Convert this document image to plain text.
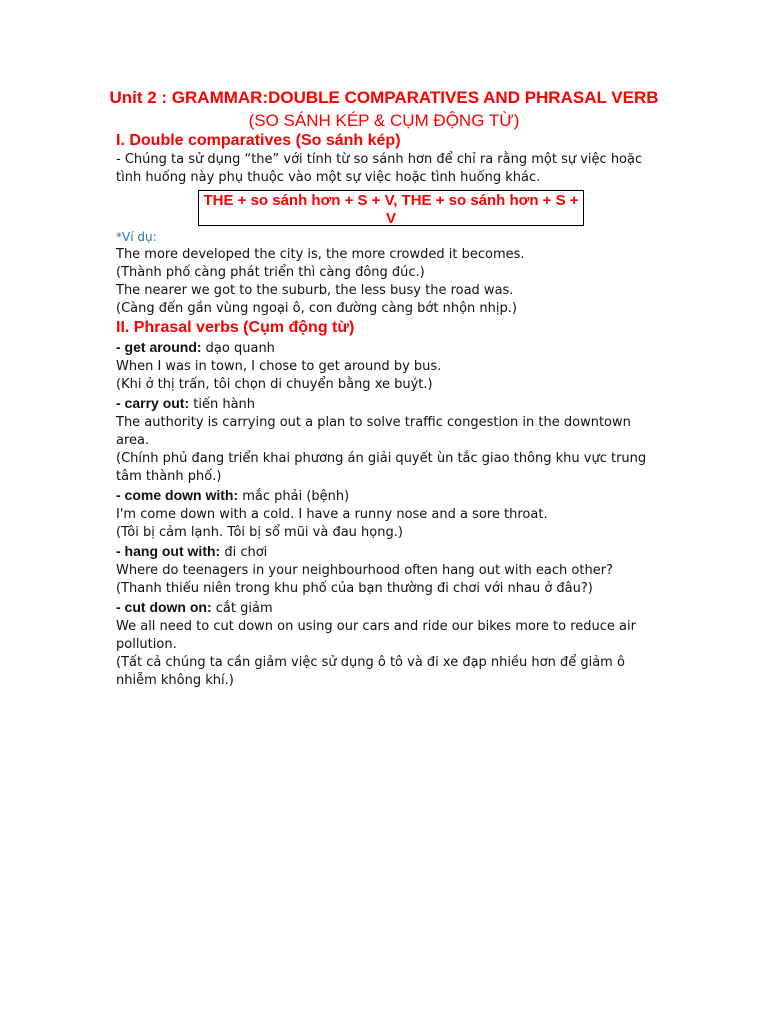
Unit 2 : GRAMMAR:DOUBLE COMPARATIVES AND PHRASAL VERB
(SO SÁNH KÉP & CỤM ĐỘNG TỪ)
I. Double comparatives (So sánh kép)

- Chúng ta sử dụng “the” với tính từ so sánh hơn để chỉ ra rằng một sự việc hoặc tình huống này phụ thuộc vào một sự việc hoặc tình huống khác.

THE + so sánh hơn + S + V, THE + so sánh hơn + S + V
*Ví dụ:

The more developed the city is, the more crowded it becomes.

(Thành phố càng phát triển thì càng đông đúc.)

The nearer we got to the suburb, the less busy the road was.

(Càng đến gần vùng ngoại ô, con đường càng bớt nhộn nhịp.)

II. Phrasal verbs (Cụm động từ)

- get around: dạo quanh

When I was in town, I chose to get around by bus.

(Khi ở thị trấn, tôi chọn di chuyển bằng xe buýt.)

- carry out: tiến hành

The authority is carrying out a plan to solve traffic congestion in the downtown area.

(Chính phủ đang triển khai phương án giải quyết ùn tắc giao thông khu vực trung tâm thành phố.)

- come down with: mắc phải (bệnh)

I'm come down with a cold. I have a runny nose and a sore throat.

(Tôi bị cảm lạnh. Tôi bị sổ mũi và đau họng.)

- hang out with: đi chơi

Where do teenagers in your neighbourhood often hang out with each other?

(Thanh thiếu niên trong khu phố của bạn thường đi chơi với nhau ở đâu?)

- cut down on: cắt giảm

We all need to cut down on using our cars and ride our bikes more to reduce air pollution.

(Tất cả chúng ta cần giảm việc sử dụng ô tô và đi xe đạp nhiều hơn để giảm ô nhiễm không khí.)
